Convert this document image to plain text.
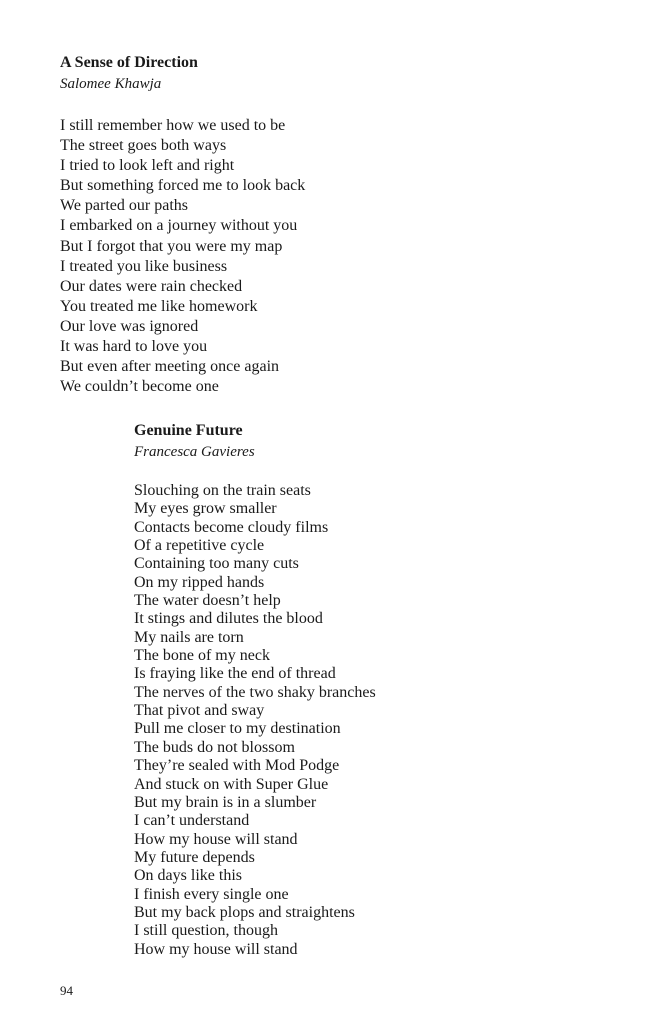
A Sense of Direction

Salomee Khawja

I still remember how we used to be
The street goes both ways
I tried to look left and right
But something forced me to look back
We parted our paths
I embarked on a journey without you
But I forgot that you were my map
I treated you like business
Our dates were rain checked
You treated me like homework
Our love was ignored
It was hard to love you
But even after meeting once again
We couldn’t become one
Genuine Future

Francesca Gavieres

Slouching on the train seats
My eyes grow smaller
Contacts become cloudy films
Of a repetitive cycle
Containing too many cuts
On my ripped hands
The water doesn’t help
It stings and dilutes the blood
My nails are torn
The bone of my neck
Is fraying like the end of thread
The nerves of the two shaky branches
That pivot and sway
Pull me closer to my destination
The buds do not blossom
They’re sealed with Mod Podge
And stuck on with Super Glue
But my brain is in a slumber
I can’t understand
How my house will stand
My future depends
On days like this
I finish every single one
But my back plops and straightens
I still question, though
How my house will stand
94
